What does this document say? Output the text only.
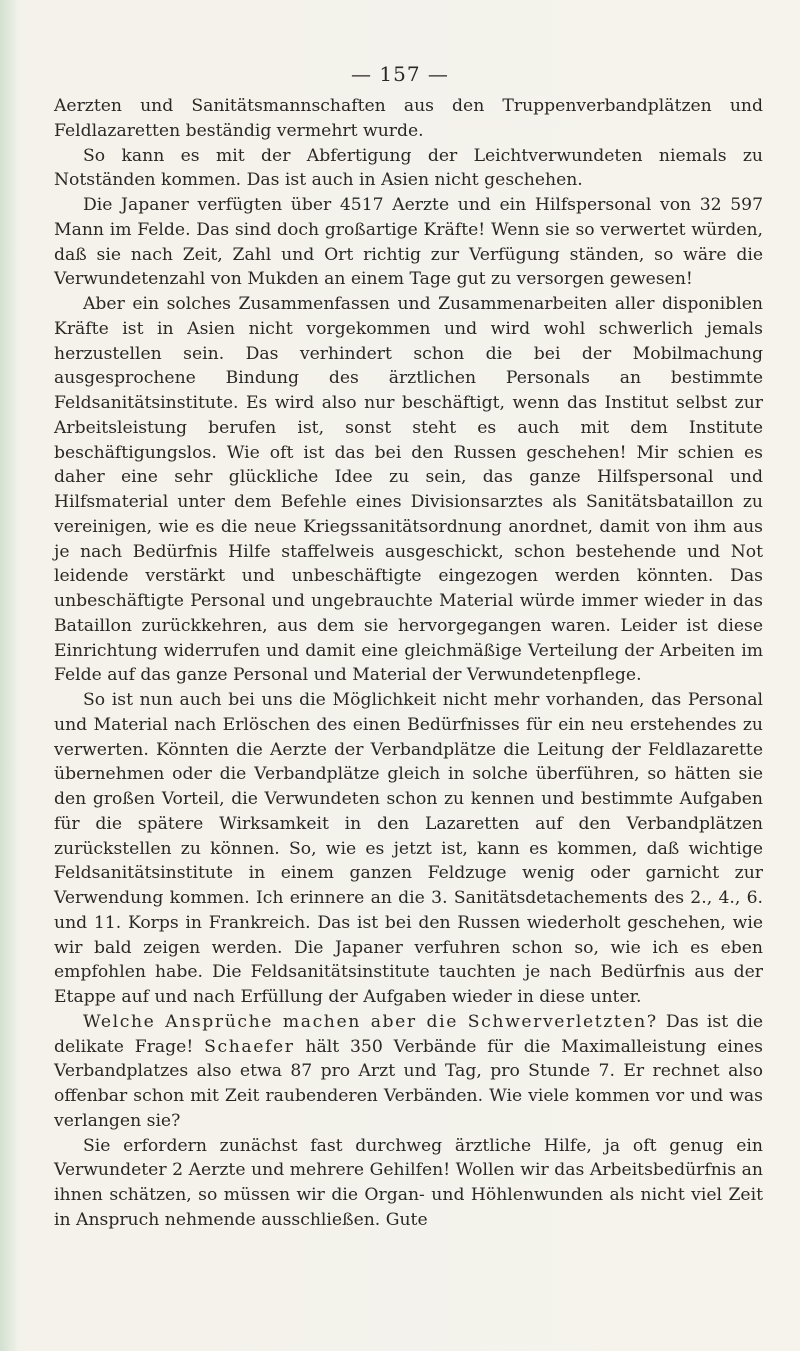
— 157 —

Aerzten und Sanitätsmannschaften aus den Truppenverbandplätzen und Feldlazaretten beständig vermehrt wurde.

So kann es mit der Abfertigung der Leichtverwundeten niemals zu Notständen kommen. Das ist auch in Asien nicht geschehen.

Die Japaner verfügten über 4517 Aerzte und ein Hilfspersonal von 32 597 Mann im Felde. Das sind doch großartige Kräfte! Wenn sie so verwertet würden, daß sie nach Zeit, Zahl und Ort richtig zur Verfügung ständen, so wäre die Verwundetenzahl von Mukden an einem Tage gut zu versorgen gewesen!

Aber ein solches Zusammenfassen und Zusammenarbeiten aller disponiblen Kräfte ist in Asien nicht vorgekommen und wird wohl schwerlich jemals herzustellen sein. Das verhindert schon die bei der Mobilmachung ausgesprochene Bindung des ärztlichen Personals an bestimmte Feldsanitätsinstitute. Es wird also nur beschäftigt, wenn das Institut selbst zur Arbeitsleistung berufen ist, sonst steht es auch mit dem Institute beschäftigungslos. Wie oft ist das bei den Russen geschehen! Mir schien es daher eine sehr glückliche Idee zu sein, das ganze Hilfspersonal und Hilfsmaterial unter dem Befehle eines Divisionsarztes als Sanitätsbataillon zu vereinigen, wie es die neue Kriegssanitätsordnung anordnet, damit von ihm aus je nach Bedürfnis Hilfe staffelweis ausgeschickt, schon bestehende und Not leidende verstärkt und unbeschäftigte eingezogen werden könnten. Das unbeschäftigte Personal und ungebrauchte Material würde immer wieder in das Bataillon zurückkehren, aus dem sie hervorgegangen waren. Leider ist diese Einrichtung widerrufen und damit eine gleichmäßige Verteilung der Arbeiten im Felde auf das ganze Personal und Material der Verwundetenpflege.

So ist nun auch bei uns die Möglichkeit nicht mehr vorhanden, das Personal und Material nach Erlöschen des einen Bedürfnisses für ein neu erstehendes zu verwerten. Könnten die Aerzte der Verbandplätze die Leitung der Feldlazarette übernehmen oder die Verbandplätze gleich in solche überführen, so hätten sie den großen Vorteil, die Verwundeten schon zu kennen und bestimmte Aufgaben für die spätere Wirksamkeit in den Lazaretten auf den Verbandplätzen zurückstellen zu können. So, wie es jetzt ist, kann es kommen, daß wichtige Feldsanitätsinstitute in einem ganzen Feldzuge wenig oder garnicht zur Verwendung kommen. Ich erinnere an die 3. Sanitätsdetachements des 2., 4., 6. und 11. Korps in Frankreich. Das ist bei den Russen wiederholt geschehen, wie wir bald zeigen werden. Die Japaner verfuhren schon so, wie ich es eben empfohlen habe. Die Feldsanitätsinstitute tauchten je nach Bedürfnis aus der Etappe auf und nach Erfüllung der Aufgaben wieder in diese unter.

Welche Ansprüche machen aber die Schwerverletzten? Das ist die delikate Frage! Schaefer hält 350 Verbände für die Maximalleistung eines Verbandplatzes also etwa 87 pro Arzt und Tag, pro Stunde 7. Er rechnet also offenbar schon mit Zeit raubenderen Verbänden. Wie viele kommen vor und was verlangen sie?

Sie erfordern zunächst fast durchweg ärztliche Hilfe, ja oft genug ein Verwundeter 2 Aerzte und mehrere Gehilfen! Wollen wir das Arbeitsbedürfnis an ihnen schätzen, so müssen wir die Organ- und Höhlenwunden als nicht viel Zeit in Anspruch nehmende ausschließen. Gute
